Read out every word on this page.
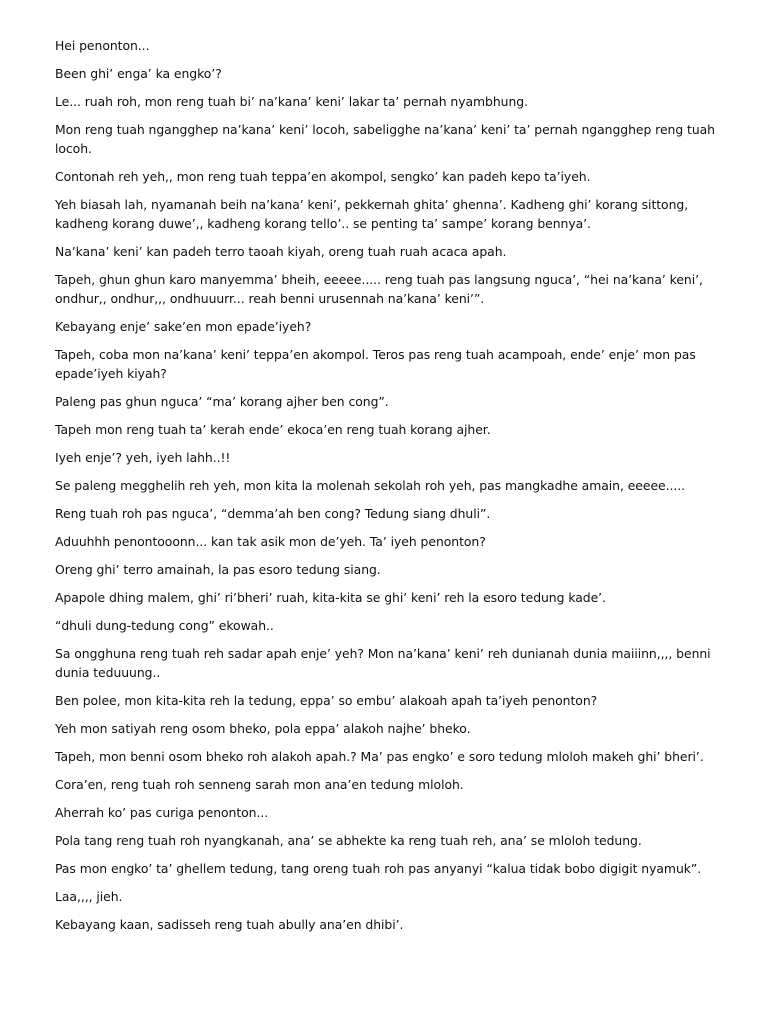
Hei penonton...

Been ghi’ enga’ ka engko’?

Le... ruah roh, mon reng tuah bi’ na’kana’ keni’ lakar ta’ pernah nyambhung.

Mon reng tuah ngangghep na’kana’ keni’ locoh, sabeligghe na’kana’ keni’ ta’ pernah ngangghep reng tuah locoh.

Contonah reh yeh,, mon reng tuah teppa’en akompol, sengko’ kan padeh kepo ta’iyeh.

Yeh biasah lah, nyamanah beih na’kana’ keni’, pekkernah ghita’ ghenna’. Kadheng ghi’ korang sittong, kadheng korang duwe’,, kadheng korang tello’.. se penting ta’ sampe’ korang bennya’.

Na’kana’ keni’ kan padeh terro taoah kiyah, oreng tuah ruah acaca apah.

Tapeh, ghun ghun karo manyemma’ bheih, eeeee..... reng tuah pas langsung nguca’, “hei na’kana’ keni’, ondhur,, ondhur,,, ondhuuurr... reah benni urusennah na’kana’ keni’”.

Kebayang enje’ sake’en mon epade’iyeh?

Tapeh, coba mon na’kana’ keni’ teppa’en akompol. Teros pas reng tuah acampoah, ende’ enje’ mon pas epade’iyeh kiyah?

Paleng pas ghun nguca’ “ma’ korang ajher ben cong”.

Tapeh mon reng tuah ta’ kerah ende’ ekoca’en reng tuah korang ajher.

Iyeh enje’? yeh, iyeh lahh..!!

Se paleng megghelih reh yeh, mon kita la molenah sekolah roh yeh, pas mangkadhe amain, eeeee.....

Reng tuah roh pas nguca’, “demma’ah ben cong? Tedung siang dhuli”.

Aduuhhh penontooonn... kan tak asik mon de’yeh. Ta’ iyeh penonton?

Oreng ghi’ terro amainah, la pas esoro tedung siang.

Apapole dhing malem, ghi’ ri’bheri’ ruah, kita-kita se ghi’ keni’ reh la esoro tedung kade’.

“dhuli dung-tedung cong” ekowah..

Sa ongghuna reng tuah reh sadar apah enje’ yeh? Mon na’kana’ keni’ reh dunianah dunia maiiinn,,,, benni dunia teduuung..

Ben polee, mon kita-kita reh la tedung, eppa’ so embu’ alakoah apah ta’iyeh penonton?

Yeh mon satiyah reng osom bheko, pola eppa’ alakoh najhe’ bheko.

Tapeh, mon benni osom bheko roh alakoh apah.? Ma’ pas engko’ e soro tedung mloloh makeh ghi’ bheri’.

Cora’en, reng tuah roh senneng sarah mon ana’en tedung mloloh.

Aherrah ko’ pas curiga penonton...

Pola tang reng tuah roh nyangkanah, ana’ se abhekte ka reng tuah reh, ana’ se mloloh tedung.

Pas mon engko’ ta’ ghellem tedung, tang oreng tuah roh pas anyanyi “kalua tidak bobo digigit nyamuk”.

Laa,,,, jieh.

Kebayang kaan, sadisseh reng tuah abully ana’en dhibi’.
